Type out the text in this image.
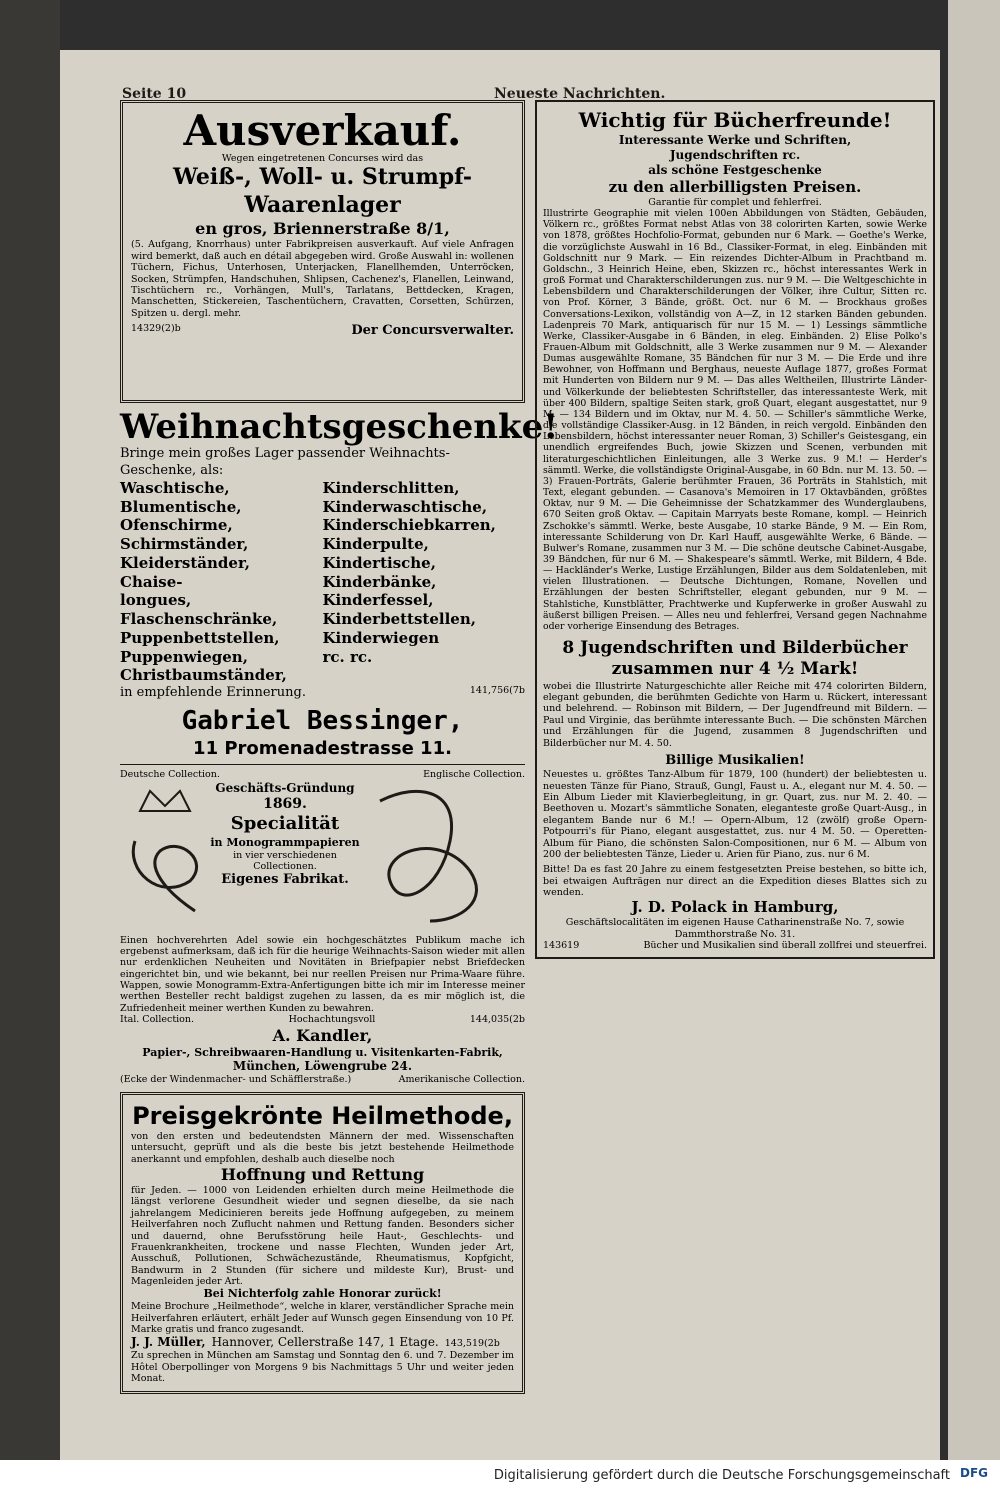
Seite 10	Neueste Nachrichten.
Ausverkauf.
Wegen eingetretenen Concurses wird das
Weiß-, Woll- u. Strumpf-
Waarenlager
en gros, Briennerstraße 8/1,
(5. Aufgang, Knorrhaus) unter Fabrikpreisen ausverkauft. Auf viele Anfragen wird bemerkt, daß auch en détail abgegeben wird. Große Auswahl in: wollenen Tüchern, Fichus, Unterhosen, Unterjacken, Flanellhemden, Unterröcken, Socken, Strümpfen, Handschuhen, Shlipsen, Cachenez's, Flanellen, Leinwand, Tischtüchern rc., Vorhängen, Mull's, Tarlatans, Bettdecken, Kragen, Manschetten, Stickereien, Taschentüchern, Cravatten, Corsetten, Schürzen, Spitzen u. dergl. mehr.
14329(2)b	Der Concursverwalter.
Weihnachtsgeschenke!
Bringe mein großes Lager passender Weihnachts-Geschenke, als:
Waschtische,
Blumentische,
Ofenschirme,
Schirmständer,
Kleiderständer,
Chaise-longues,
Flaschenschränke,
Puppenbettstellen,
Puppenwiegen,
Christbaumständer,
Kinderschlitten,
Kinderwaschtische,
Kinderschiebkarren,
Kinderpulte,
Kindertische,
Kinderbänke,
Kinderfessel,
Kinderbettstellen,
Kinderwiegen rc. rc.
in empfehlende Erinnerung.	141,756(7b
Gabriel Bessinger,
11 Promenadestrasse 11.
Deutsche Collection.	Englische Collection.
Geschäfts-Gründung
1869.
Specialität
in Monogrammpapieren
in vier verschiedenen Collectionen.
Eigenes Fabrikat.
Einen hochverehrten Adel sowie ein hochgeschätztes Publikum mache ich ergebenst aufmerksam, daß ich für die heurige Weihnachts-Saison wieder mit allen nur erdenklichen Neuheiten und Novitäten in Briefpapier nebst Briefdecken eingerichtet bin, und wie bekannt, bei nur reellen Preisen nur Prima-Waare führe. Wappen, sowie Monogramm-Extra-Anfertigungen bitte ich mir im Interesse meiner werthen Besteller recht baldigst zugehen zu lassen, da es mir möglich ist, die Zufriedenheit meiner werthen Kunden zu bewahren.
Ital. Collection.	Hochachtungsvoll	144,035(2b
A. Kandler,
Papier-, Schreibwaaren-Handlung u. Visitenkarten-Fabrik,
München, Löwengrube 24.
(Ecke der Windenmacher- und Schäfflerstraße.)	Amerikanische Collection.
Preisgekrönte Heilmethode,
von den ersten und bedeutendsten Männern der med. Wissenschaften untersucht, geprüft und als die beste bis jetzt bestehende Heilmethode anerkannt und empfohlen, deshalb auch dieselbe noch
Hoffnung und Rettung
für Jeden. — 1000 von Leidenden erhielten durch meine Heilmethode die längst verlorene Gesundheit wieder und segnen dieselbe, da sie nach jahrelangem Medicinieren bereits jede Hoffnung aufgegeben, zu meinem Heilverfahren noch Zuflucht nahmen und Rettung fanden. Besonders sicher und dauernd, ohne Berufsstörung heile Haut-, Geschlechts- und Frauenkrankheiten, trockene und nasse Flechten, Wunden jeder Art, Ausschuß, Pollutionen, Schwächezustände, Rheumatismus, Kopfgicht, Bandwurm in 2 Stunden (für sichere und mildeste Kur), Brust- und Magenleiden jeder Art.
Bei Nichterfolg zahle Honorar zurück!
Meine Brochure „Heilmethode“, welche in klarer, verständlicher Sprache mein Heilverfahren erläutert, erhält Jeder auf Wunsch gegen Einsendung von 10 Pf. Marke gratis und franco zugesandt.
J. J. Müller, Hannover, Cellerstraße 147, 1 Etage. 143,519(2b
Zu sprechen in München am Samstag und Sonntag den 6. und 7. Dezember im Hôtel Oberpollinger von Morgens 9 bis Nachmittags 5 Uhr und weiter jeden Monat.
Wichtig für Bücherfreunde!
Interessante Werke und Schriften,
Jugendschriften rc.
als schöne Festgeschenke
zu den allerbilligsten Preisen.
Garantie für complet und fehlerfrei.
Illustrirte Geographie mit vielen 100en Abbildungen von Städten, Gebäuden, Völkern rc., größtes Format nebst Atlas von 38 colorirten Karten, sowie Werke von 1878, größtes Hochfolio-Format, gebunden nur 6 Mark. — Goethe's Werke, die vorzüglichste Auswahl in 16 Bd., Classiker-Format, in eleg. Einbänden mit Goldschnitt nur 9 Mark. — Ein reizendes Dichter-Album in Prachtband m. Goldschn., 3 Heinrich Heine, eben, Skizzen rc., höchst interessantes Werk in groß Format und Charakterschilderungen zus. nur 9 M. — Die Weltgeschichte in Lebensbildern und Charakterschilderungen der Völker, ihre Cultur, Sitten rc. von Prof. Körner, 3 Bände, größt. Oct. nur 6 M. — Brockhaus großes Conversations-Lexikon, vollständig von A—Z, in 12 starken Bänden gebunden. Ladenpreis 70 Mark, antiquarisch für nur 15 M. — 1) Lessings sämmtliche Werke, Classiker-Ausgabe in 6 Bänden, in eleg. Einbänden. 2) Elise Polko's Frauen-Album mit Goldschnitt, alle 3 Werke zusammen nur 9 M. — Alexander Dumas ausgewählte Romane, 35 Bändchen für nur 3 M. — Die Erde und ihre Bewohner, von Hoffmann und Berghaus, neueste Auflage 1877, großes Format mit Hunderten von Bildern nur 9 M. — Das alles Weltheilen, Illustrirte Länder- und Völkerkunde der beliebtesten Schriftsteller, das interessanteste Werk, mit über 400 Bildern, spaltige Seiten stark, groß Quart, elegant ausgestattet, nur 9 M. — 134 Bildern und im Oktav, nur M. 4. 50. — Schiller's sämmtliche Werke, die vollständige Classiker-Ausg. in 12 Bänden, in reich vergold. Einbänden den Lebensbildern, höchst interessanter neuer Roman, 3) Schiller's Geistesgang, ein unendlich ergreifendes Buch, jowie Skizzen und Scenen, verbunden mit literaturgeschichtlichen Einleitungen, alle 3 Werke zus. 9 M.! — Herder's sämmtl. Werke, die vollständigste Original-Ausgabe, in 60 Bdn. nur M. 13. 50. — 3) Frauen-Porträts, Galerie berühmter Frauen, 36 Porträts in Stahlstich, mit Text, elegant gebunden. — Casanova's Memoiren in 17 Oktavbänden, größtes Oktav, nur 9 M. — Die Geheimnisse der Schatzkammer des Wunderglaubens, 670 Seiten groß Oktav. — Capitain Marryats beste Romane, kompl. — Heinrich Zschokke's sämmtl. Werke, beste Ausgabe, 10 starke Bände, 9 M. — Ein Rom, interessante Schilderung von Dr. Karl Hauff, ausgewählte Werke, 6 Bände. — Bulwer's Romane, zusammen nur 3 M. — Die schöne deutsche Cabinet-Ausgabe, 39 Bändchen, für nur 6 M. — Shakespeare's sämmtl. Werke, mit Bildern, 4 Bde. — Hackländer's Werke, Lustige Erzählungen, Bilder aus dem Soldatenleben, mit vielen Illustrationen. — Deutsche Dichtungen, Romane, Novellen und Erzählungen der besten Schriftsteller, elegant gebunden, nur 9 M. — Stahlstiche, Kunstblätter, Prachtwerke und Kupferwerke in großer Auswahl zu äußerst billigen Preisen. — Alles neu und fehlerfrei, Versand gegen Nachnahme oder vorherige Einsendung des Betrages.
8 Jugendschriften und Bilderbücher
zusammen nur 4 ½ Mark!
wobei die Illustrirte Naturgeschichte aller Reiche mit 474 colorirten Bildern, elegant gebunden, die berühmten Gedichte von Harm u. Rückert, interessant und belehrend. — Robinson mit Bildern, — Der Jugendfreund mit Bildern. — Paul und Virginie, das berühmte interessante Buch. — Die schönsten Märchen und Erzählungen für die Jugend, zusammen 8 Jugendschriften und Bilderbücher nur M. 4. 50.
Billige Musikalien!
Neuestes u. größtes Tanz-Album für 1879, 100 (hundert) der beliebtesten u. neuesten Tänze für Piano, Strauß, Gungl, Faust u. A., elegant nur M. 4. 50. — Ein Album Lieder mit Klavierbegleitung, in gr. Quart, zus. nur M. 2. 40. — Beethoven u. Mozart's sämmtliche Sonaten, eleganteste große Quart-Ausg., in elegantem Bande nur 6 M.! — Opern-Album, 12 (zwölf) große Opern-Potpourri's für Piano, elegant ausgestattet, zus. nur 4 M. 50. — Operetten-Album für Piano, die schönsten Salon-Compositionen, nur 6 M. — Album von 200 der beliebtesten Tänze, Lieder u. Arien für Piano, zus. nur 6 M.
Bitte! Da es fast 20 Jahre zu einem festgesetzten Preise bestehen, so bitte ich, bei etwaigen Aufträgen nur direct an die Expedition dieses Blattes sich zu wenden.
J. D. Polack in Hamburg,
Geschäftslocalitäten im eigenen Hause Catharinenstraße No. 7, sowie Dammthorstraße No. 31.
143619	Bücher und Musikalien sind überall zollfrei und steuerfrei.
Digitalisierung gefördert durch die Deutsche Forschungsgemeinschaft DFG
